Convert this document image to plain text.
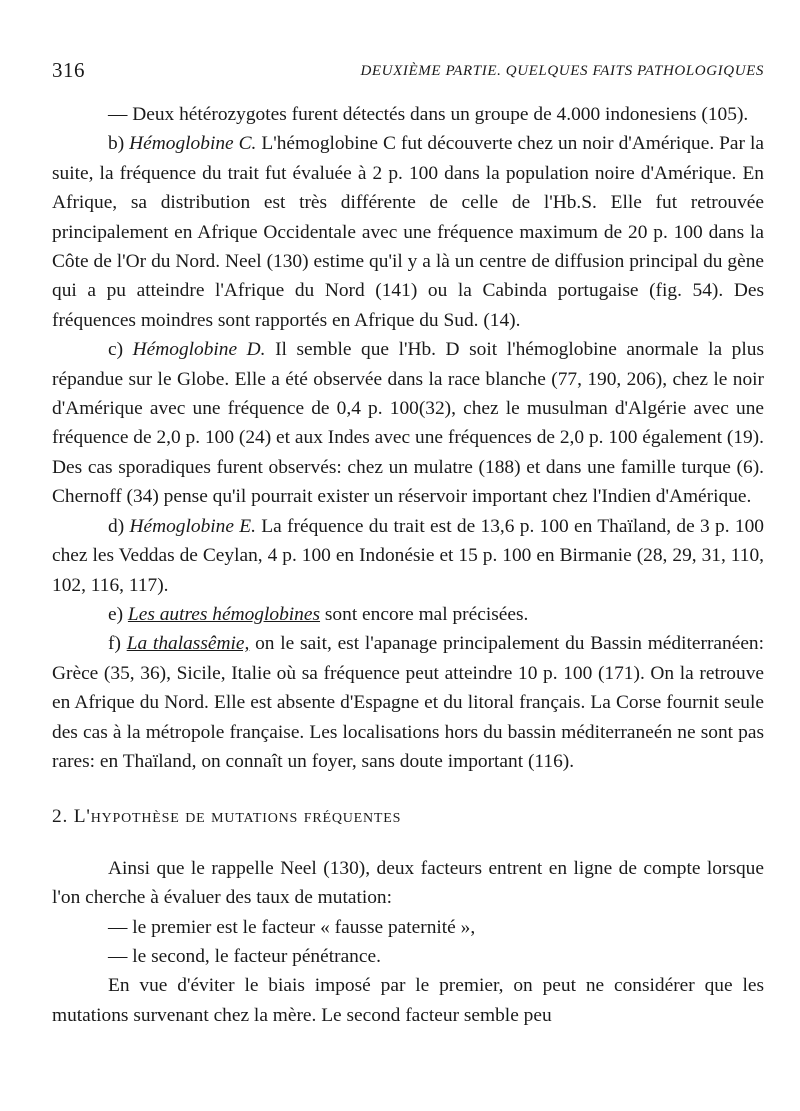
316	DEUXIÈME PARTIE. QUELQUES FAITS PATHOLOGIQUES

— Deux hétérozygotes furent détectés dans un groupe de 4.000 indonesiens (105).

b) Hémoglobine C. L'hémoglobine C fut découverte chez un noir d'Amérique. Par la suite, la fréquence du trait fut évaluée à 2 p. 100 dans la population noire d'Amérique. En Afrique, sa distribution est très différente de celle de l'Hb.S. Elle fut retrouvée principalement en Afrique Occidentale avec une fréquence maximum de 20 p. 100 dans la Côte de l'Or du Nord. Neel (130) estime qu'il y a là un centre de diffusion principal du gène qui a pu atteindre l'Afrique du Nord (141) ou la Cabinda portugaise (fig. 54). Des fréquences moindres sont rapportés en Afrique du Sud. (14).

c) Hémoglobine D. Il semble que l'Hb. D soit l'hémoglobine anormale la plus répandue sur le Globe. Elle a été observée dans la race blanche (77, 190, 206), chez le noir d'Amérique avec une fréquence de 0,4 p. 100(32), chez le musulman d'Algérie avec une fréquence de 2,0 p. 100 (24) et aux Indes avec une fréquences de 2,0 p. 100 également (19). Des cas sporadiques furent observés: chez un mulatre (188) et dans une famille turque (6). Chernoff (34) pense qu'il pourrait exister un réservoir important chez l'Indien d'Amérique.

d) Hémoglobine E. La fréquence du trait est de 13,6 p. 100 en Thaïland, de 3 p. 100 chez les Veddas de Ceylan, 4 p. 100 en Indonésie et 15 p. 100 en Birmanie (28, 29, 31, 110, 102, 116, 117).

e) Les autres hémoglobines sont encore mal précisées.

f) La thalassêmie, on le sait, est l'apanage principalement du Bassin méditerranéen: Grèce (35, 36), Sicile, Italie où sa fréquence peut atteindre 10 p. 100 (171). On la retrouve en Afrique du Nord. Elle est absente d'Espagne et du litoral français. La Corse fournit seule des cas à la métropole française. Les localisations hors du bassin méditerraneén ne sont pas rares: en Thaïland, on connaît un foyer, sans doute important (116).

2. L'hypothèse de mutations fréquentes

Ainsi que le rappelle Neel (130), deux facteurs entrent en ligne de compte lorsque l'on cherche à évaluer des taux de mutation:

— le premier est le facteur « fausse paternité »,

— le second, le facteur pénétrance.

En vue d'éviter le biais imposé par le premier, on peut ne considérer que les mutations survenant chez la mère. Le second facteur semble peu
